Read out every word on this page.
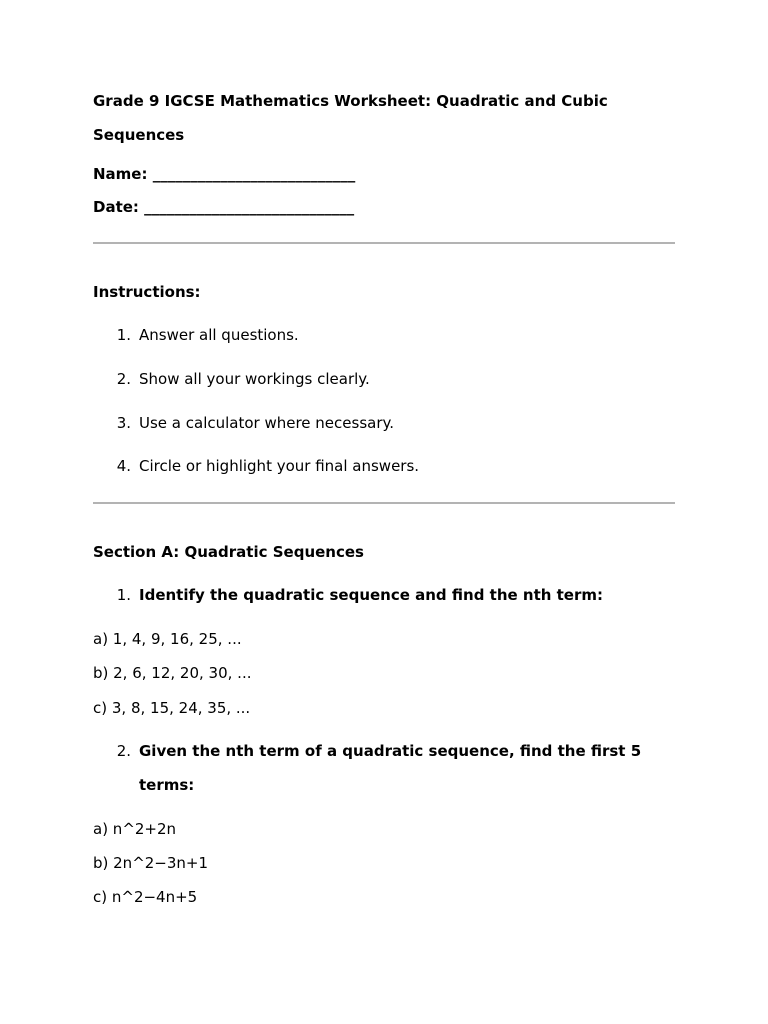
Grade 9 IGCSE Mathematics Worksheet: Quadratic and Cubic Sequences
Name: ___________________________
Date: ____________________________
Instructions:
1. Answer all questions.
2. Show all your workings clearly.
3. Use a calculator where necessary.
4. Circle or highlight your final answers.
Section A: Quadratic Sequences
1. Identify the quadratic sequence and find the nth term:
a) 1, 4, 9, 16, 25, ...
b) 2, 6, 12, 20, 30, ...
c) 3, 8, 15, 24, 35, ...
2. Given the nth term of a quadratic sequence, find the first 5 terms:
a) n^2+2n
b) 2n^2−3n+1
c) n^2−4n+5
